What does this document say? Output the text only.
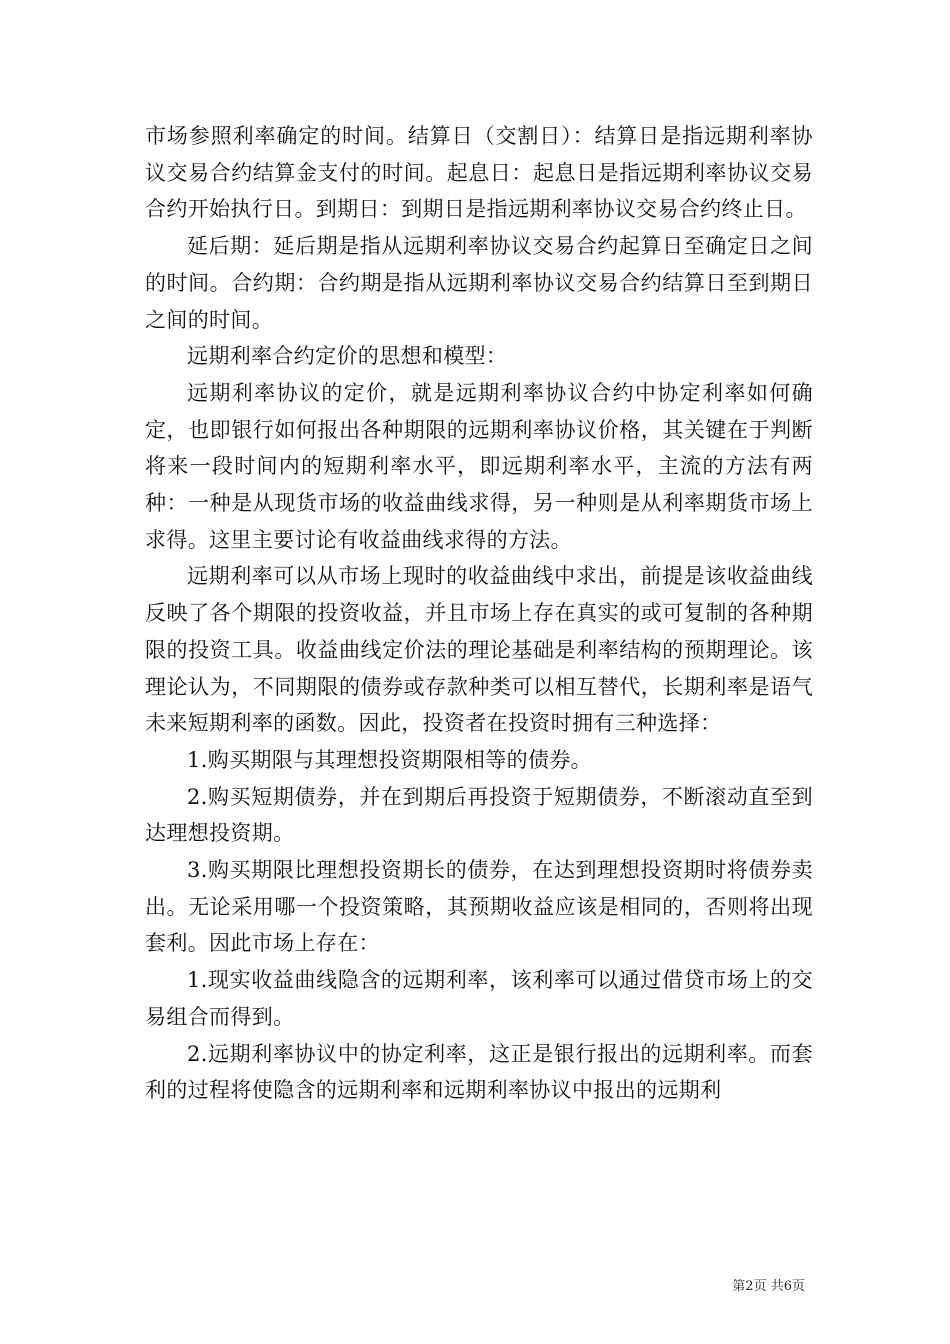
市场参照利率确定的时间。结算日（交割日）：结算日是指远期利率协议交易合约结算金支付的时间。起息日：起息日是指远期利率协议交易合约开始执行日。到期日：到期日是指远期利率协议交易合约终止日。

延后期：延后期是指从远期利率协议交易合约起算日至确定日之间的时间。合约期：合约期是指从远期利率协议交易合约结算日至到期日之间的时间。

远期利率合约定价的思想和模型：

远期利率协议的定价，就是远期利率协议合约中协定利率如何确定，也即银行如何报出各种期限的远期利率协议价格，其关键在于判断将来一段时间内的短期利率水平，即远期利率水平，主流的方法有两种：一种是从现货市场的收益曲线求得，另一种则是从利率期货市场上求得。这里主要讨论有收益曲线求得的方法。

远期利率可以从市场上现时的收益曲线中求出，前提是该收益曲线反映了各个期限的投资收益，并且市场上存在真实的或可复制的各种期限的投资工具。收益曲线定价法的理论基础是利率结构的预期理论。该理论认为，不同期限的债券或存款种类可以相互替代，长期利率是语气未来短期利率的函数。因此，投资者在投资时拥有三种选择：

1.购买期限与其理想投资期限相等的债券。

2.购买短期债券，并在到期后再投资于短期债券，不断滚动直至到达理想投资期。

3.购买期限比理想投资期长的债券，在达到理想投资期时将债券卖出。无论采用哪一个投资策略，其预期收益应该是相同的，否则将出现套利。因此市场上存在：

1.现实收益曲线隐含的远期利率，该利率可以通过借贷市场上的交易组合而得到。

2.远期利率协议中的协定利率，这正是银行报出的远期利率。而套利的过程将使隐含的远期利率和远期利率协议中报出的远期利

第2页 共6页
